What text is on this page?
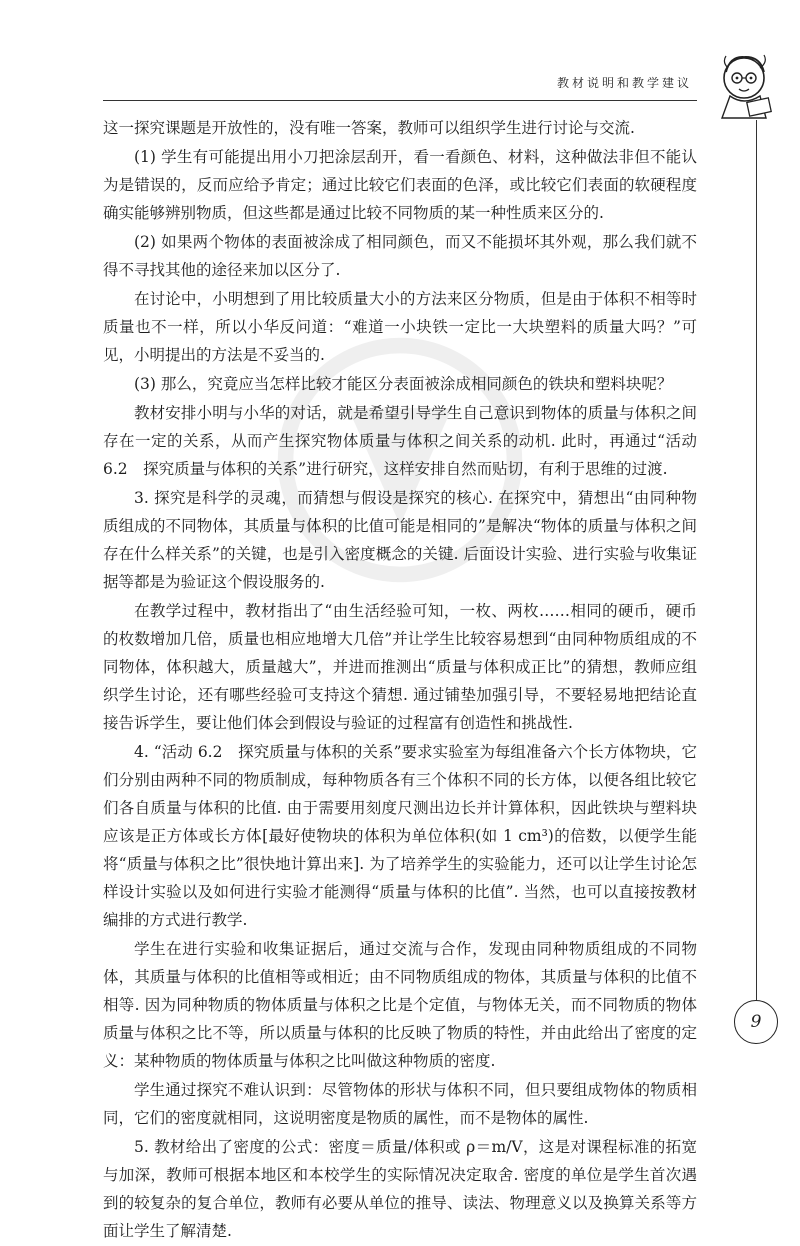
教材说明和教学建议

这一探究课题是开放性的，没有唯一答案，教师可以组织学生进行讨论与交流.

(1) 学生有可能提出用小刀把涂层刮开，看一看颜色、材料，这种做法非但不能认为是错误的，反而应给予肯定；通过比较它们表面的色泽，或比较它们表面的软硬程度确实能够辨别物质，但这些都是通过比较不同物质的某一种性质来区分的.

(2) 如果两个物体的表面被涂成了相同颜色，而又不能损坏其外观，那么我们就不得不寻找其他的途径来加以区分了.

在讨论中，小明想到了用比较质量大小的方法来区分物质，但是由于体积不相等时质量也不一样，所以小华反问道：“难道一小块铁一定比一大块塑料的质量大吗？”可见，小明提出的方法是不妥当的.

(3) 那么，究竟应当怎样比较才能区分表面被涂成相同颜色的铁块和塑料块呢？

教材安排小明与小华的对话，就是希望引导学生自己意识到物体的质量与体积之间存在一定的关系，从而产生探究物体质量与体积之间关系的动机. 此时，再通过“活动 6.2　探究质量与体积的关系”进行研究，这样安排自然而贴切，有利于思维的过渡.

3. 探究是科学的灵魂，而猜想与假设是探究的核心. 在探究中，猜想出“由同种物质组成的不同物体，其质量与体积的比值可能是相同的”是解决“物体的质量与体积之间存在什么样关系”的关键，也是引入密度概念的关键. 后面设计实验、进行实验与收集证据等都是为验证这个假设服务的.

在教学过程中，教材指出了“由生活经验可知，一枚、两枚……相同的硬币，硬币的枚数增加几倍，质量也相应地增大几倍”并让学生比较容易想到“由同种物质组成的不同物体，体积越大，质量越大”，并进而推测出“质量与体积成正比”的猜想，教师应组织学生讨论，还有哪些经验可支持这个猜想. 通过铺垫加强引导，不要轻易地把结论直接告诉学生，要让他们体会到假设与验证的过程富有创造性和挑战性.

4. “活动 6.2　探究质量与体积的关系”要求实验室为每组准备六个长方体物块，它们分别由两种不同的物质制成，每种物质各有三个体积不同的长方体，以便各组比较它们各自质量与体积的比值. 由于需要用刻度尺测出边长并计算体积，因此铁块与塑料块应该是正方体或长方体[最好使物块的体积为单位体积(如 1 cm³)的倍数，以便学生能将“质量与体积之比”很快地计算出来]. 为了培养学生的实验能力，还可以让学生讨论怎样设计实验以及如何进行实验才能测得“质量与体积的比值”. 当然，也可以直接按教材编排的方式进行教学.

学生在进行实验和收集证据后，通过交流与合作，发现由同种物质组成的不同物体，其质量与体积的比值相等或相近；由不同物质组成的物体，其质量与体积的比值不相等. 因为同种物质的物体质量与体积之比是个定值，与物体无关，而不同物质的物体质量与体积之比不等，所以质量与体积的比反映了物质的特性，并由此给出了密度的定义：某种物质的物体质量与体积之比叫做这种物质的密度.

学生通过探究不难认识到：尽管物体的形状与体积不同，但只要组成物体的物质相同，它们的密度就相同，这说明密度是物质的属性，而不是物体的属性.

5. 教材给出了密度的公式：密度＝质量/体积或 ρ＝m/V，这是对课程标准的拓宽与加深，教师可根据本地区和本校学生的实际情况决定取舍. 密度的单位是学生首次遇到的较复杂的复合单位，教师有必要从单位的推导、读法、物理意义以及换算关系等方面让学生了解清楚.

9
